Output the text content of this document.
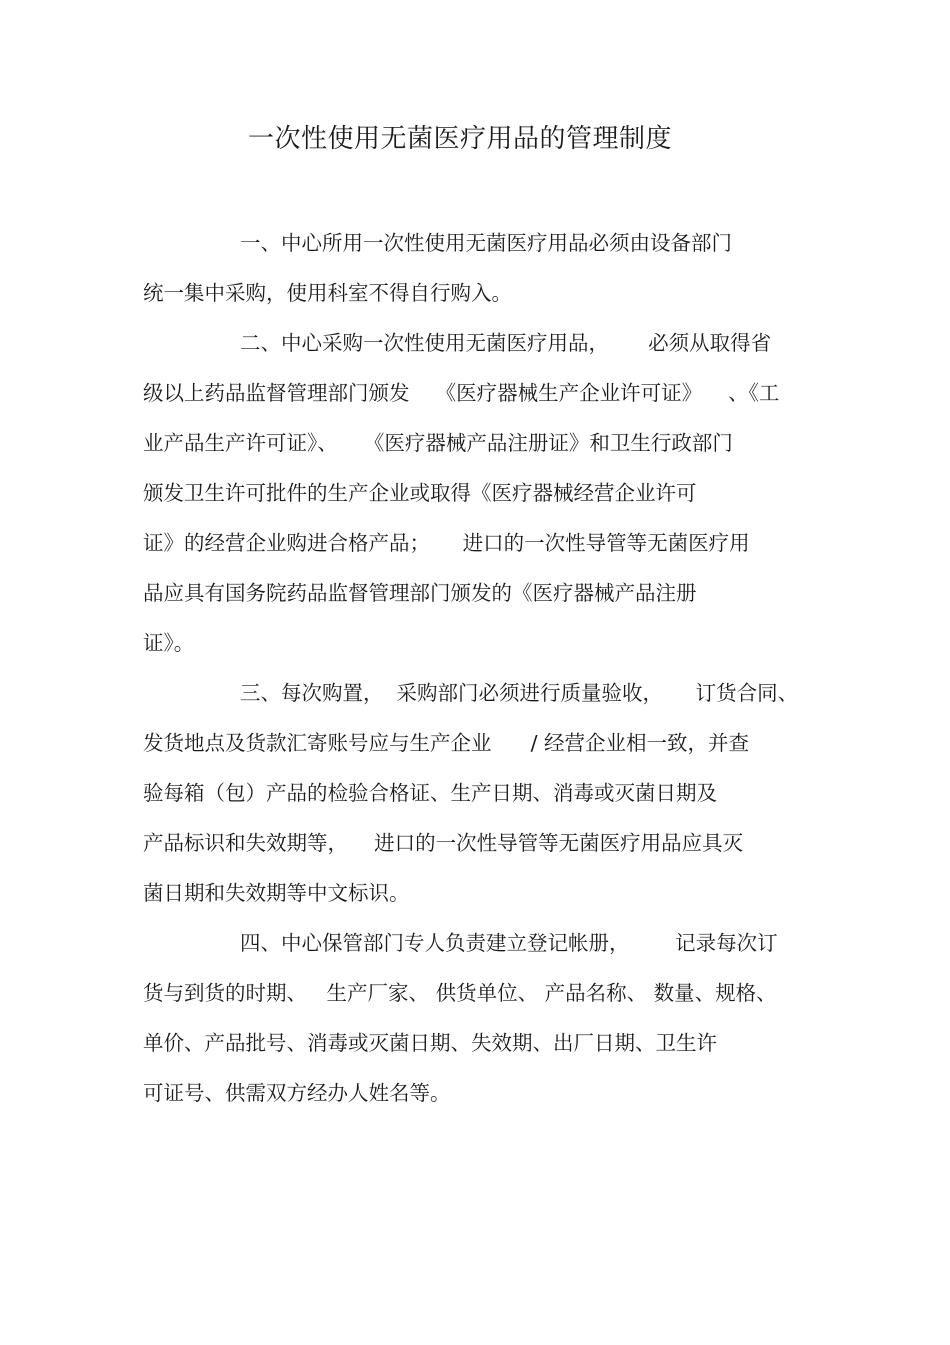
一次性使用无菌医疗用品的管理制度
一、中心所用一次性使用无菌医疗用品必须由设备部门
统一集中采购，使用科室不得自行购入。
二、中心采购一次性使用无菌医疗用品，      必须从取得省
级以上药品监督管理部门颁发    《医疗器械生产企业许可证》    、《工
业产品生产许可证》、    《医疗器械产品注册证》和卫生行政部门
颁发卫生许可批件的生产企业或取得《医疗器械经营企业许可
证》的经营企业购进合格产品；     进口的一次性导管等无菌医疗用
品应具有国务院药品监督管理部门颁发的《医疗器械产品注册
证》。
三、每次购置，  采购部门必须进行质量验收，     订货合同、
发货地点及货款汇寄账号应与生产企业      / 经营企业相一致，并查
验每箱（包）产品的检验合格证、生产日期、消毒或灭菌日期及
产品标识和失效期等，    进口的一次性导管等无菌医疗用品应具灭
菌日期和失效期等中文标识。
四、中心保管部门专人负责建立登记帐册，       记录每次订
货与到货的时期、   生产厂家、 供货单位、 产品名称、 数量、规格、
单价、产品批号、消毒或灭菌日期、失效期、出厂日期、卫生许
可证号、供需双方经办人姓名等。
